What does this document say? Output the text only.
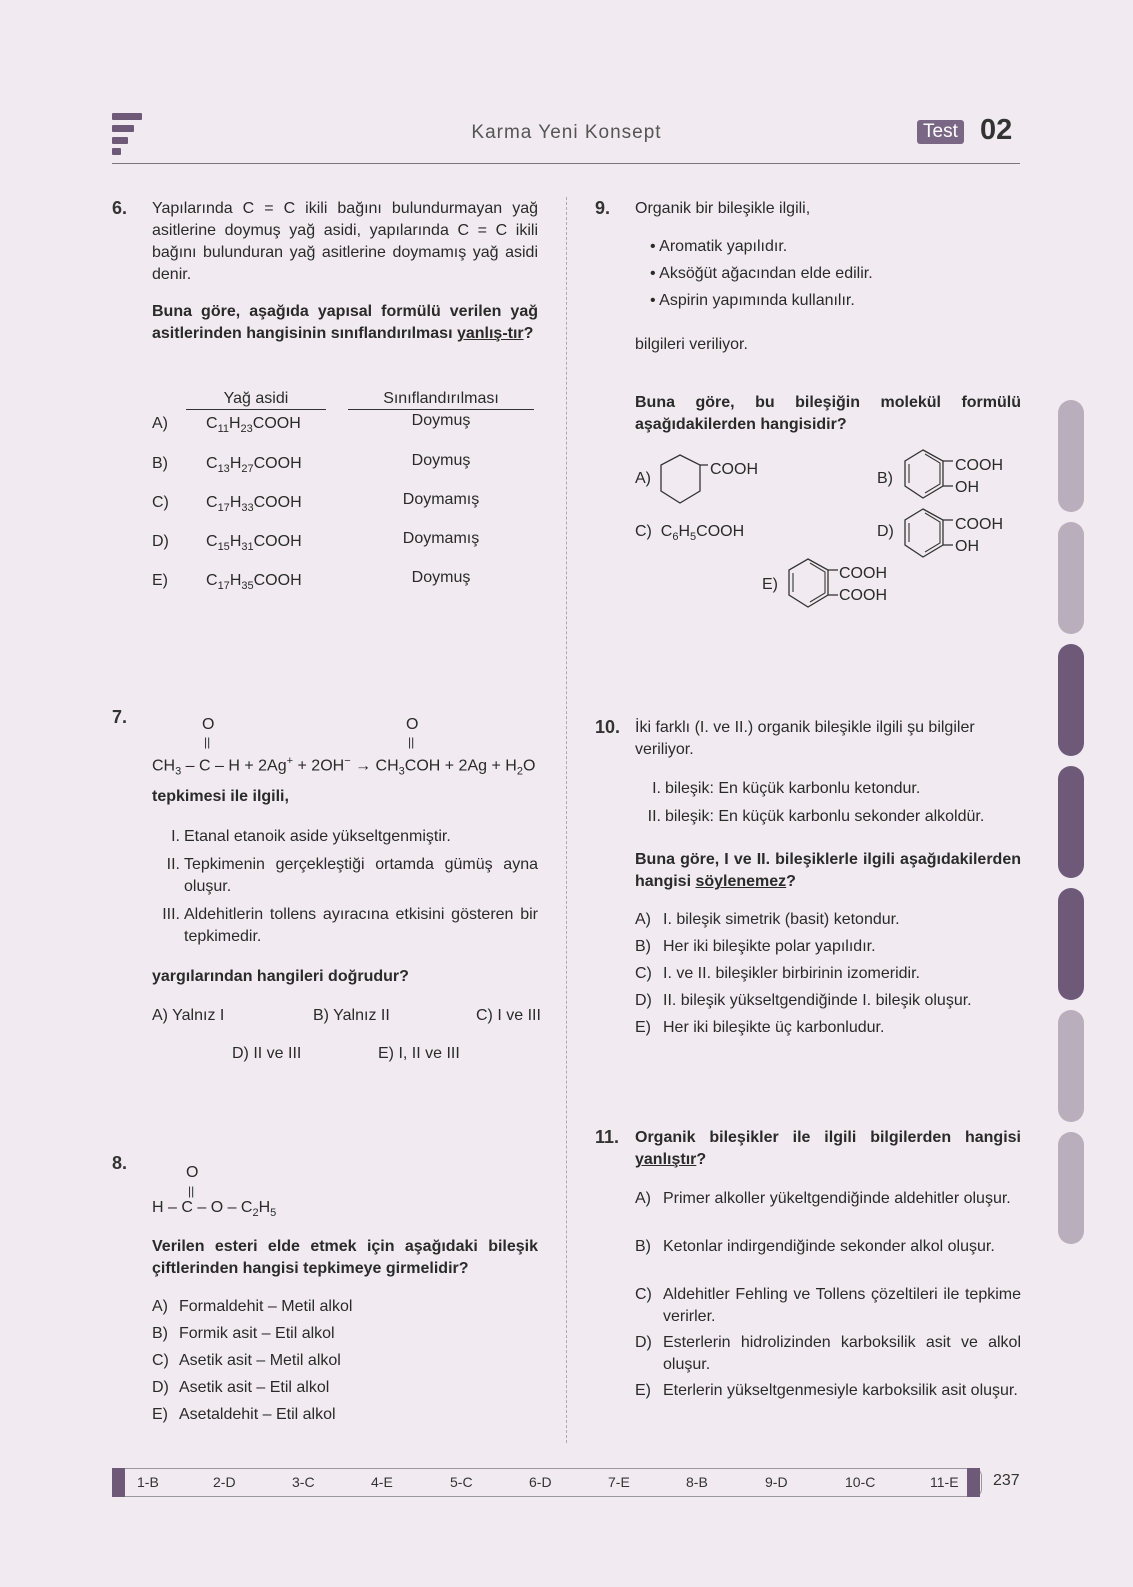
Karma Yeni Konsept	Test 02
6. Yapılarında C = C ikili bağını bulundurmayan yağ asitlerine doymuş yağ asidi, yapılarında C = C ikili bağını bulunduran yağ asitlerine doymamış yağ asidi denir.
Buna göre, aşağıda yapısal formülü verilen yağ asitlerinden hangisinin sınıflandırılması yanlış-tır?
Yağ asidi	Sınıflandırılması
A) $C_{11}H_{23}COOH$	Doymuş
B) $C_{13}H_{27}COOH$	Doymuş
C) $C_{17}H_{33}COOH$	Doymamış
D) $C_{15}H_{31}COOH$	Doymamış
E) $C_{17}H_{35}COOH$	Doymuş
7.	O
||
O
||
$CH_3 - C - H + 2Ag^+ + 2OH^- \to CH_3COH + 2Ag + H_2O$
tepkimesi ile ilgili,
I. Etanal etanoik aside yükseltgenmiştir.
II. Tepkimenin gerçekleştiği ortamda gümüş ayna oluşur.
III. Aldehitlerin tollens ayıracına etkisini gösteren bir tepkimedir.
yargılarından hangileri doğrudur?
A) Yalnız I	B) Yalnız II	C) I ve III
D) II ve III	E) I, II ve III
8.	O
||
H – C – O – $C_2H_5$
Verilen esteri elde etmek için aşağıdaki bileşik çiftlerinden hangisi tepkimeye girmelidir?
A) Formaldehit – Metil alkol
B) Formik asit – Etil alkol
C) Asetik asit – Metil alkol
D) Asetik asit – Etil alkol
E) Asetaldehit – Etil alkol
9. Organik bir bileşikle ilgili,
• Aromatik yapılıdır.
• Aksöğüt ağacından elde edilir.
• Aspirin yapımında kullanılır.
bilgileri veriliyor.
Buna göre, bu bileşiğin molekül formülü aşağıdakilerden hangisidir?
A)
COOH
B)
COOH
OH
C) $C_6H_5COOH$	D)	COOH
OH
E)
COOH
COOH
10. İki farklı (I. ve II.) organik bileşikle ilgili şu bilgiler veriliyor.
I. bileşik: En küçük karbonlu ketondur.
II. bileşik: En küçük karbonlu sekonder alkoldür.
Buna göre, I ve II. bileşiklerle ilgili aşağıdakilerden hangisi söylenemez?
A) I. bileşik simetrik (basit) ketondur.
B) Her iki bileşikte polar yapılıdır.
C) I. ve II. bileşikler birbirinin izomeridir.
D) II. bileşik yükseltgendiğinde I. bileşik oluşur.
E) Her iki bileşikte üç karbonludur.
11. Organik bileşikler ile ilgili bilgilerden hangisi yanlıştır?
A) Primer alkoller yükeltgendiğinde aldehitler oluşur.
B) Ketonlar indirgendiğinde sekonder alkol oluşur.
C) Aldehitler Fehling ve Tollens çözeltileri ile tepkime verirler.
D) Esterlerin hidrolizinden karboksilik asit ve alkol oluşur.
E) Eterlerin yükseltgenmesiyle karboksilik asit oluşur.
1-B	2-D	3-C	4-E	5-C	6-D	7-E	8-B	9-D	10-C	11-E 237
